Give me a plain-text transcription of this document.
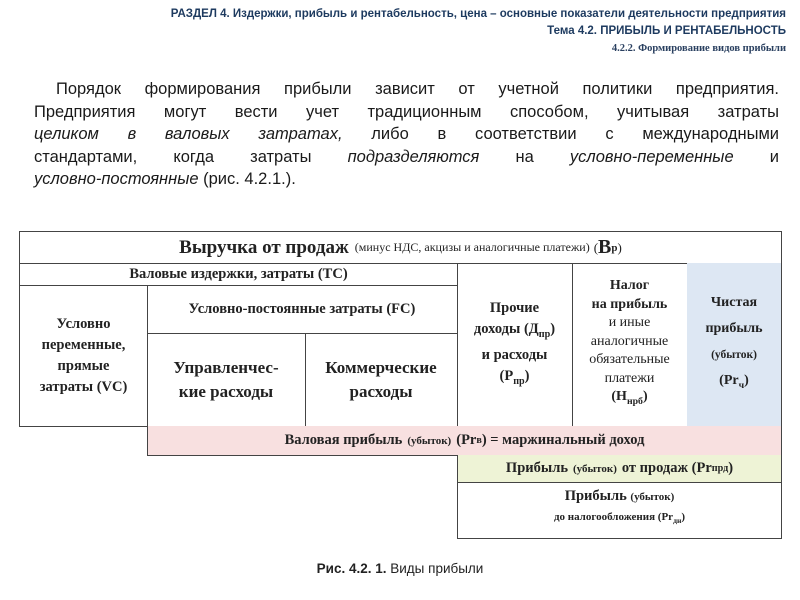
РАЗДЕЛ 4. Издержки, прибыль и рентабельность, цена – основные показатели деятельности предприятия
Тема 4.2. ПРИБЫЛЬ И РЕНТАБЕЛЬНОСТЬ
4.2.2. Формирование видов прибыли
Порядок формирования прибыли зависит от учетной политики предприятия.
Предприятия могут вести учет традиционным способом, учитывая затраты
целиком в валовых затратах, либо в соответствии с международными
стандартами, когда затраты подразделяются на условно-переменные и
условно-постоянные (рис. 4.2.1.).
Выручка от продаж (минус НДС, акцизы и аналогичные платежи) ( В р )
Валовые издержки, затраты (ТС)
Условно
переменные,
прямые
затраты (VC)
Условно-постоянные затраты (FC)
Управленчес-
кие расходы
Коммерческие
расходы
Прочие
доходы $(Д_{пр})$
и расходы
$(Р_{пр})$
Налог
на прибыль
и иные
аналогичные
обязательные
платежи
$(Н_{нрб})$
Чистая
прибыль
(убыток)
$(Pr_ч)$
Валовая прибыль (убыток) (Pr в ) = маржинальный доход
Прибыль (убыток) от продаж (Pr прд )
Прибыль (убыток)
до налогообложения $(Pr_{дн})$
Рис. 4.2. 1. Виды прибыли
